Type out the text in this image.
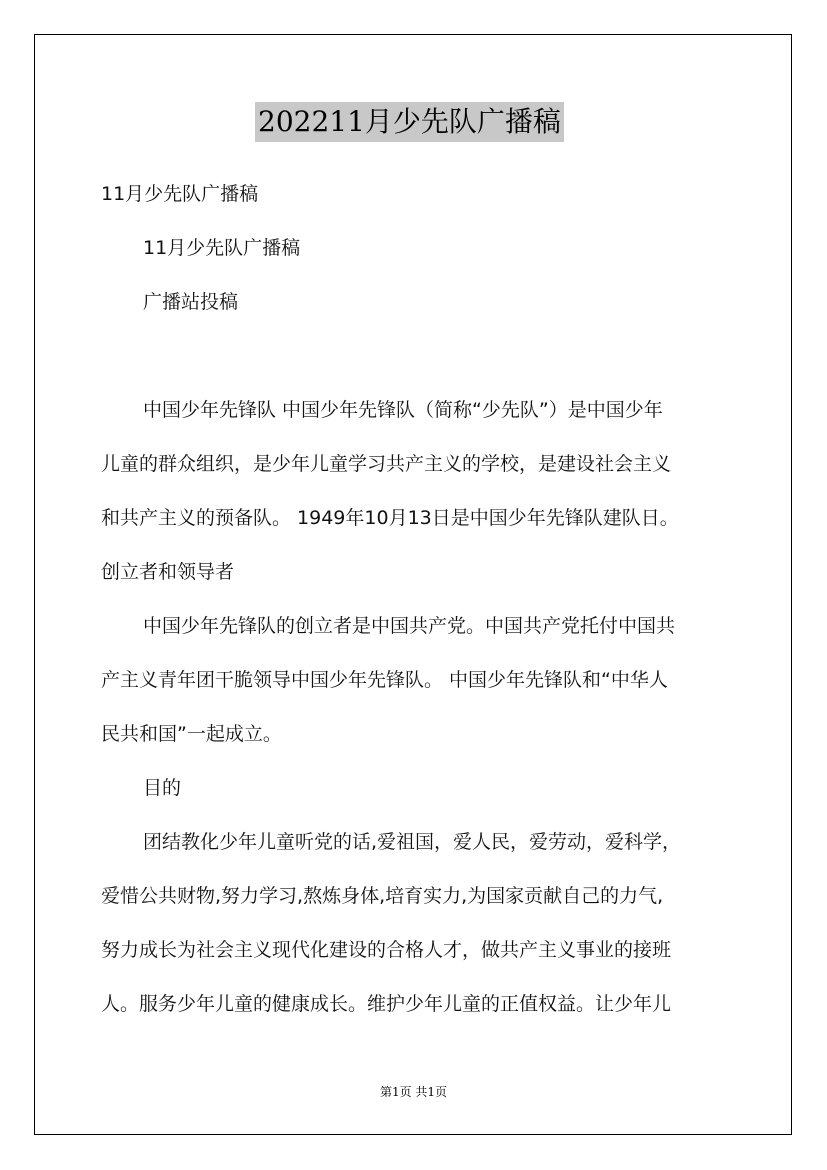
202211月少先队广播稿
11月少先队广播稿
11月少先队广播稿
广播站投稿
中国少年先锋队 中国少年先锋队（简称“少先队”）是中国少年
儿童的群众组织，是少年儿童学习共产主义的学校，是建设社会主义
和共产主义的预备队。 1949年10月13日是中国少年先锋队建队日。
创立者和领导者
中国少年先锋队的创立者是中国共产党。中国共产党托付中国共
产主义青年团干脆领导中国少年先锋队。 中国少年先锋队和“中华人
民共和国”一起成立。
目的
团结教化少年儿童听党的话,爱祖国，爱人民，爱劳动，爱科学，
爱惜公共财物,努力学习,熬炼身体,培育实力,为国家贡献自己的力气,
努力成长为社会主义现代化建设的合格人才，做共产主义事业的接班
人。服务少年儿童的健康成长。维护少年儿童的正值权益。让少年儿
第1页 共1页
